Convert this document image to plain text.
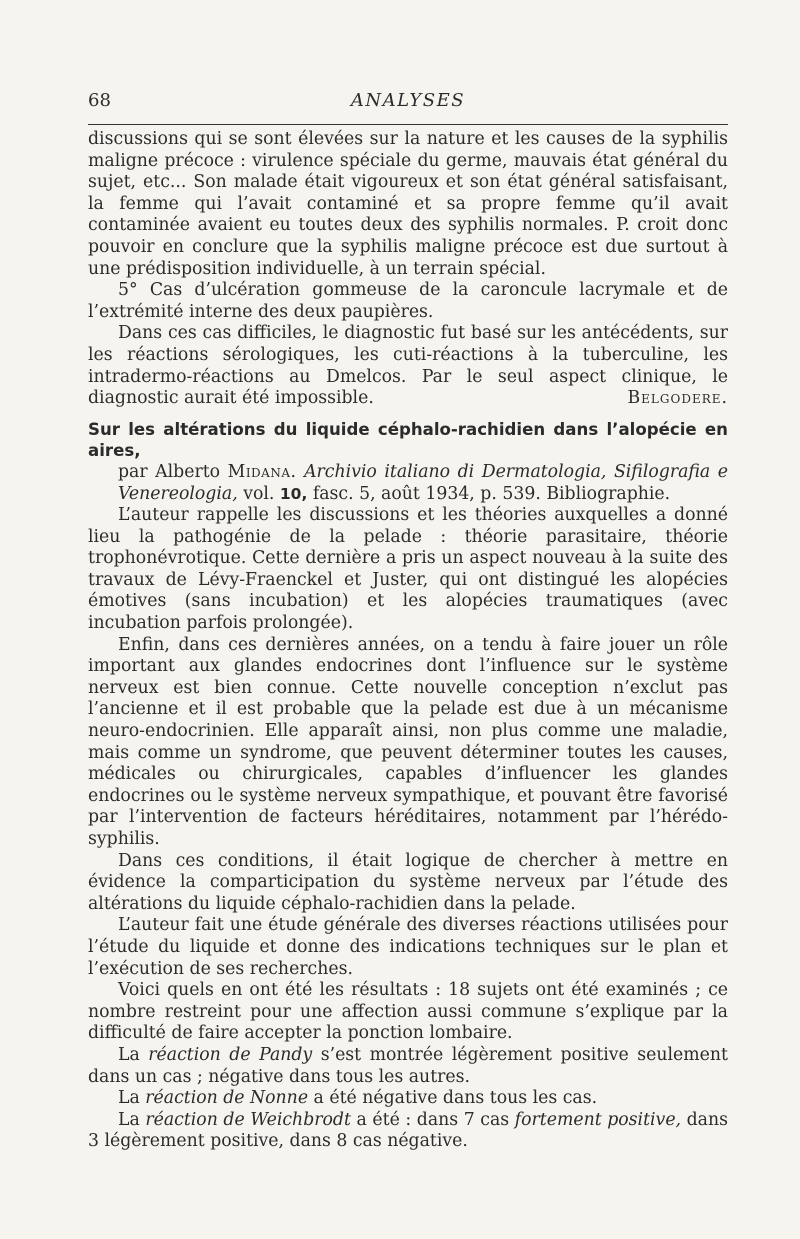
68	ANALYSES

discussions qui se sont élevées sur la nature et les causes de la syphilis maligne précoce : virulence spéciale du germe, mauvais état général du sujet, etc... Son malade était vigoureux et son état général satisfaisant, la femme qui l’avait contaminé et sa propre femme qu’il avait contaminée avaient eu toutes deux des syphilis normales. P. croit donc pouvoir en conclure que la syphilis maligne précoce est due surtout à une prédisposition individuelle, à un terrain spécial.

5° Cas d’ulcération gommeuse de la caroncule lacrymale et de l’extrémité interne des deux paupières.

Dans ces cas difficiles, le diagnostic fut basé sur les antécédents, sur les réactions sérologiques, les cuti-réactions à la tuberculine, les intradermo-réactions au Dmelcos. Par le seul aspect clinique, le diagnostic aurait été impossible.	Belgodere.

Sur les altérations du liquide céphalo-rachidien dans l’alopécie en aires,

par Alberto Midana. Archivio italiano di Dermatologia, Sifilografia e Venereologia, vol. 10, fasc. 5, août 1934, p. 539. Bibliographie.

L’auteur rappelle les discussions et les théories auxquelles a donné lieu la pathogénie de la pelade : théorie parasitaire, théorie trophonévrotique. Cette dernière a pris un aspect nouveau à la suite des travaux de Lévy-Fraenckel et Juster, qui ont distingué les alopécies émotives (sans incubation) et les alopécies traumatiques (avec incubation parfois prolongée).

Enfin, dans ces dernières années, on a tendu à faire jouer un rôle important aux glandes endocrines dont l’influence sur le système nerveux est bien connue. Cette nouvelle conception n’exclut pas l’ancienne et il est probable que la pelade est due à un mécanisme neuro-endocrinien. Elle apparaît ainsi, non plus comme une maladie, mais comme un syndrome, que peuvent déterminer toutes les causes, médicales ou chirurgicales, capables d’influencer les glandes endocrines ou le système nerveux sympathique, et pouvant être favorisé par l’intervention de facteurs héréditaires, notamment par l’hérédo-syphilis.

Dans ces conditions, il était logique de chercher à mettre en évidence la comparticipation du système nerveux par l’étude des altérations du liquide céphalo-rachidien dans la pelade.

L’auteur fait une étude générale des diverses réactions utilisées pour l’étude du liquide et donne des indications techniques sur le plan et l’exécution de ses recherches.

Voici quels en ont été les résultats : 18 sujets ont été examinés ; ce nombre restreint pour une affection aussi commune s’explique par la difficulté de faire accepter la ponction lombaire.

La réaction de Pandy s’est montrée légèrement positive seulement dans un cas ; négative dans tous les autres.

La réaction de Nonne a été négative dans tous les cas.

La réaction de Weichbrodt a été : dans 7 cas fortement positive, dans 3 légèrement positive, dans 8 cas négative.
